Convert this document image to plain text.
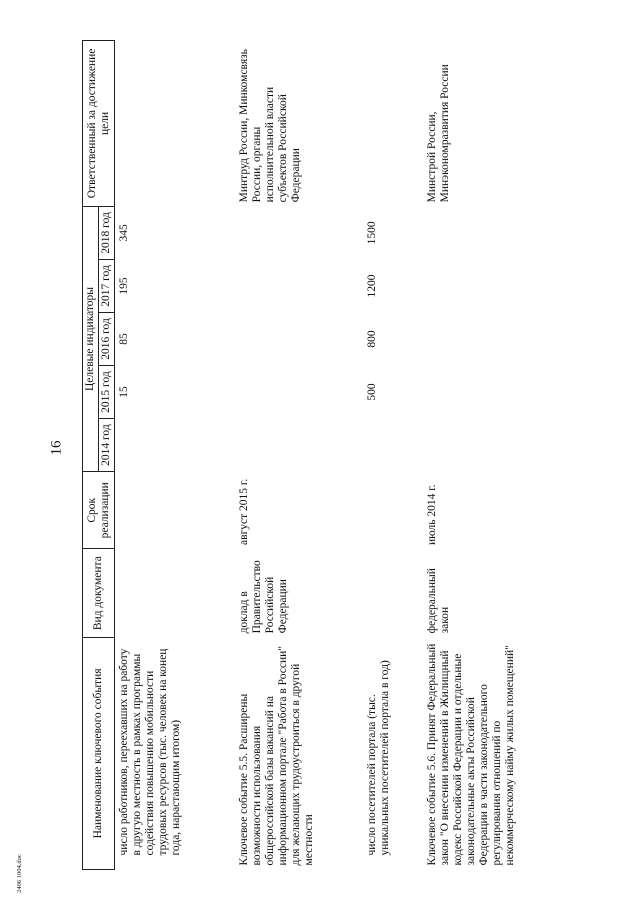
16
Наименование ключевого события	Вид документа	Срок реализации	Целевые индикаторы					Ответственный за достижение цели
			2014 год	2015 год	2016 год	2017 год	2018 год	
число работников, переехавших на работу в другую местность в рамках программы содействия повышению мобильности трудовых ресурсов (тыс. человек на конец года, нарастающим итогом)				15	85	195	345	
Ключевое событие 5.5. Расширены возможности использования общероссийской базы вакансий на информационном портале "Работа в России" для желающих трудоустроиться в другой местности	доклад в Правительство Российской Федерации	август 2015 г.						Минтруд России, Минкомсвязь России, органы исполнительной власти субъектов Российской Федерации
число посетителей портала (тыс. уникальных посетителей портала в год)				500	800	1200	1500	
Ключевое событие 5.6. Принят Федеральный закон "О внесении изменений в Жилищный кодекс Российской Федерации и отдельные законодательные акты Российской Федерации в части законодательного регулирования отношений по некоммерческому найму жилых помещений"	федеральный закон	июль 2014 г.						Минстрой России, Минэкономразвития России
2406 1004.doc
